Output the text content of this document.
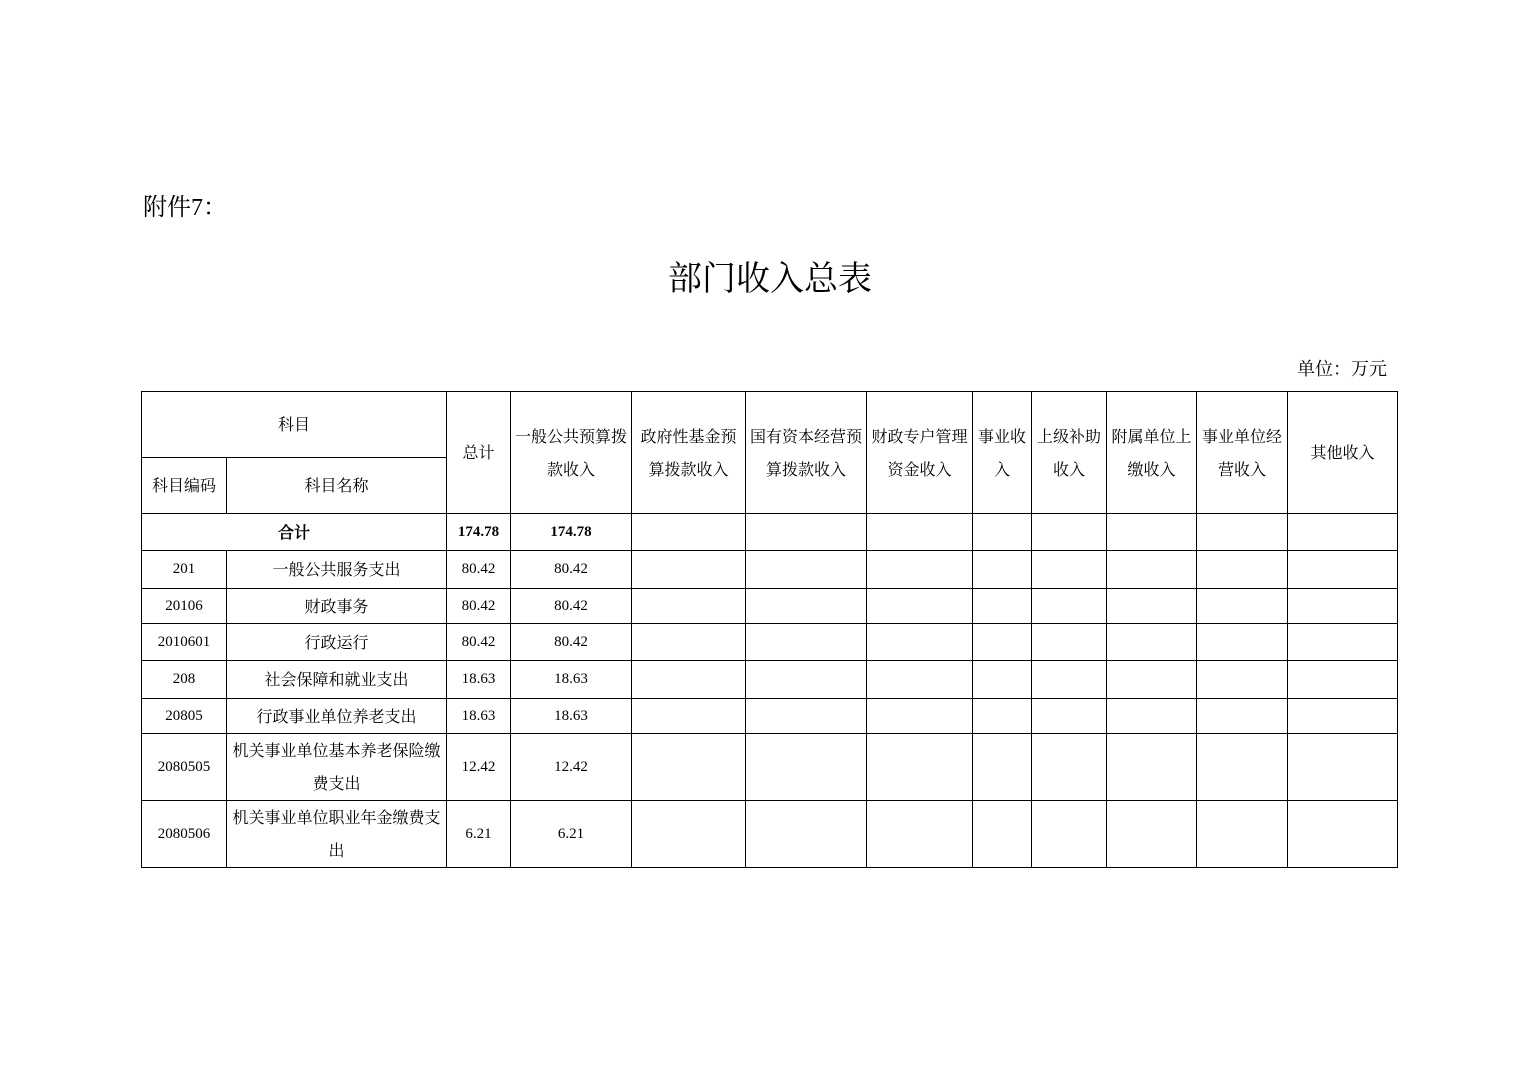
附件7：
部门收入总表
单位：万元
科目		总计	一般公共预算拨款收入	政府性基金预算拨款收入	国有资本经营预算拨款收入	财政专户管理资金收入	事业收入	上级补助收入	附属单位上缴收入	事业单位经营收入	其他收入
科目编码	科目名称										
合计		174.78	174.78								
201	一般公共服务支出	80.42	80.42								
20106	财政事务	80.42	80.42								
2010601	行政运行	80.42	80.42								
208	社会保障和就业支出	18.63	18.63								
20805	行政事业单位养老支出	18.63	18.63								
2080505	机关事业单位基本养老保险缴费支出	12.42	12.42								
2080506	机关事业单位职业年金缴费支出	6.21	6.21								
